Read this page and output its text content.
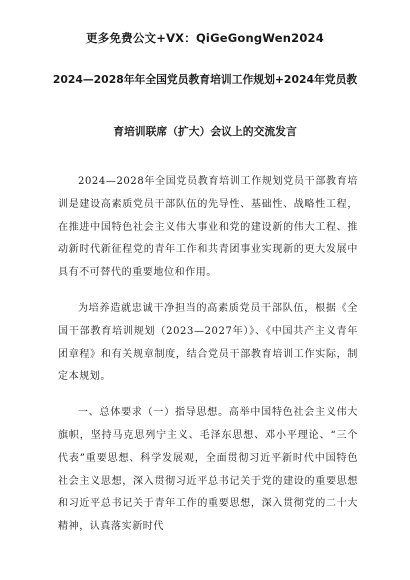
更多免费公文+VX：QiGeGongWen2024
2024—2028年年全国党员教育培训工作规划+2024年党员教
育培训联席（扩大）会议上的交流发言

2024—2028年全国党员教育培训工作规划党员干部教育培训是建设高素质党员干部队伍的先导性、基础性、战略性工程，在推进中国特色社会主义伟大事业和党的建设新的伟大工程、推动新时代新征程党的青年工作和共青团事业实现新的更大发展中具有不可替代的重要地位和作用。

为培养造就忠诚干净担当的高素质党员干部队伍，根据《全国干部教育培训规划（2023—2027年）》、《中国共产主义青年团章程》和有关规章制度，结合党员干部教育培训工作实际，制定本规划。

一、总体要求（一）指导思想。高举中国特色社会主义伟大旗帜，坚持马克思列宁主义、毛泽东思想、邓小平理论、“三个代表”重要思想、科学发展观，全面贯彻习近平新时代中国特色社会主义思想，深入贯彻习近平总书记关于党的建设的重要思想和习近平总书记关于青年工作的重要思想，深入贯彻党的二十大精神，认真落实新时代
